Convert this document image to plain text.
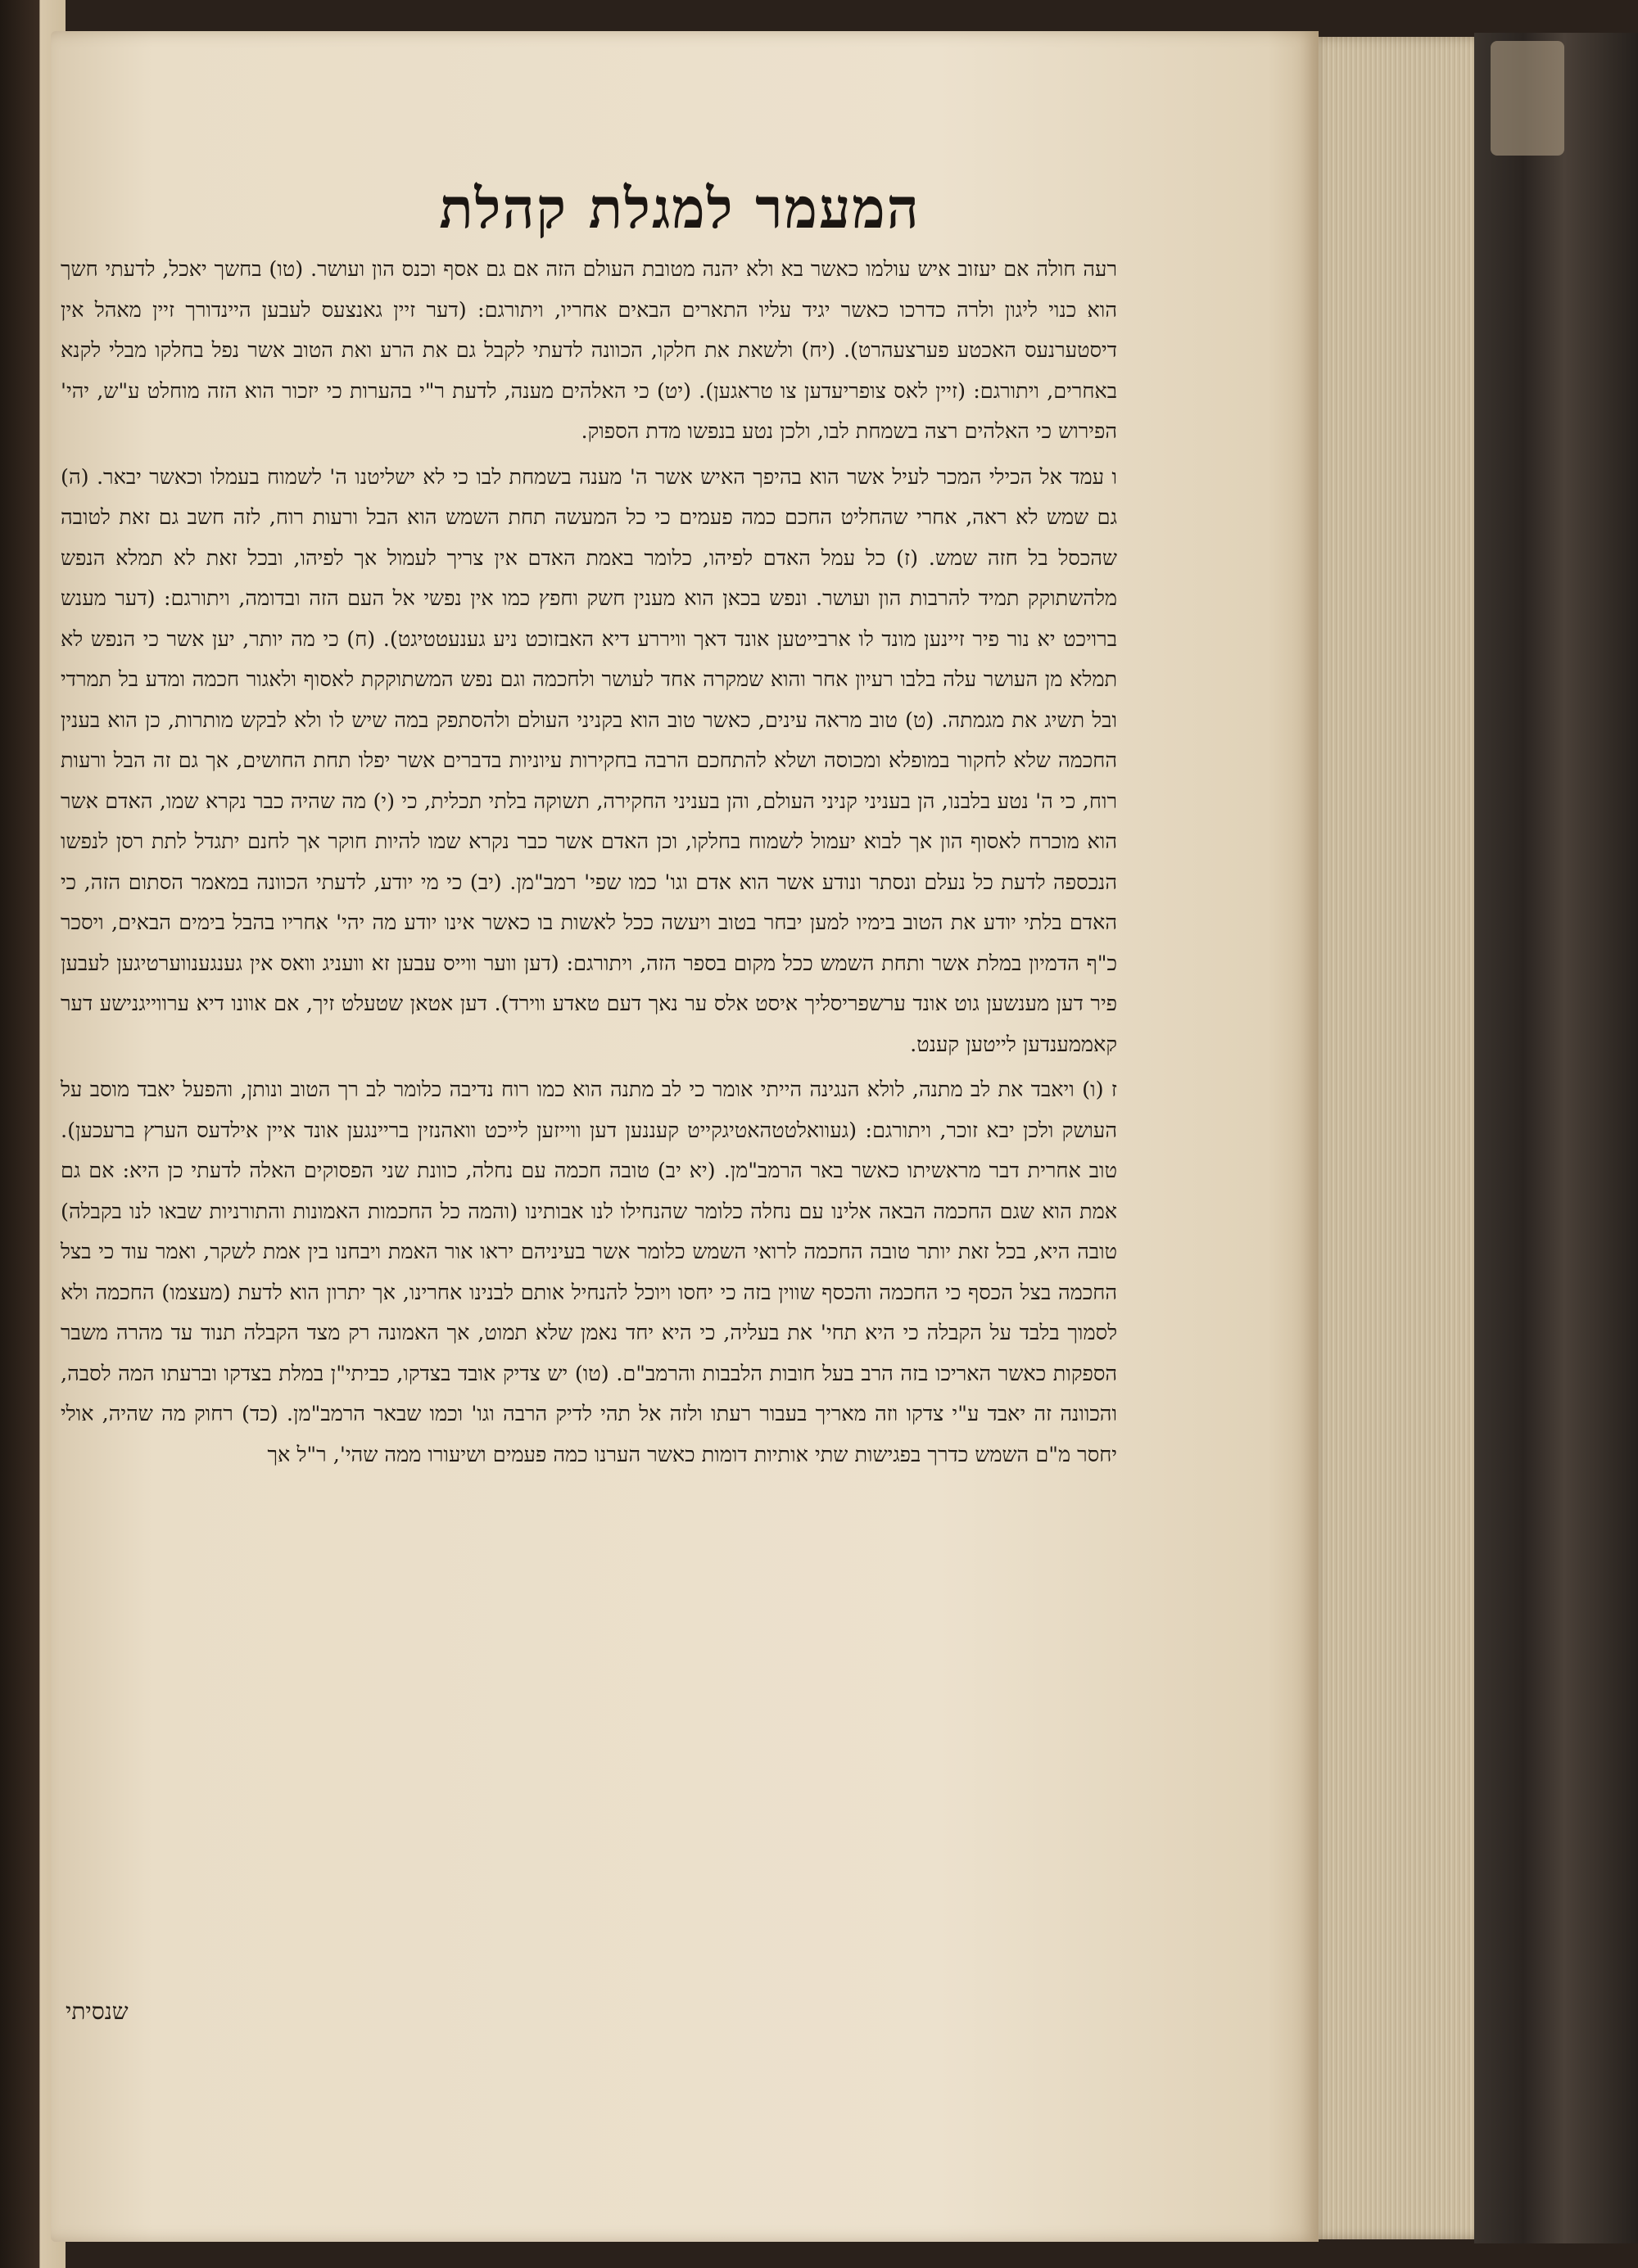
המעמר למגלת קהלת

רעה חולה אם יעזוב איש עולמו כאשר בא ולא יהנה מטובת העולם הזה אם גם אסף וכנס הון ועושר. (טו) בחשך יאכל, לדעתי חשך הוא כנוי ליגון ולרה כדרכו כאשר יגיד עליו התארים הבאים אחריו, ויתורגם: (דער זיין גאנצעס לעבען היינדורך זיין מאהל אין דיסטערנעס האכטע פערצעהרט). (יח) ולשאת את חלקו, הכוונה לדעתי לקבל גם את הרע ואת הטוב אשר נפל בחלקו מבלי לקנא באחרים, ויתורגם: (זיין לאס צופריעדען צו טראגען). (יט) כי האלהים מענה, לדעת ר"י בהערות כי יזכור הוא הזה מוחלט ע"ש, יהי' הפירוש כי האלהים רצה בשמחת לבו, ולכן נטע בנפשו מדת הספוק.

ו עמד אל הכילי המכר לעיל אשר הוא בהיפך האיש אשר ה' מענה בשמחת לבו כי לא ישליטנו ה' לשמוח בעמלו וכאשר יבאר. (ה) גם שמש לא ראה, אחרי שהחליט החכם כמה פעמים כי כל המעשה תחת השמש הוא הבל ורעות רוח, לזה חשב גם זאת לטובה שהכסל בל חזה שמש. (ז) כל עמל האדם לפיהו, כלומר באמת האדם אין צריך לעמול אך לפיהו, ובכל זאת לא תמלא הנפש מלהשתוקק תמיד להרבות הון ועושר. ונפש בכאן הוא מענין חשק וחפץ כמו אין נפשי אל העם הזה ובדומה, ויתורגם: (דער מענש ברויכט יא נור פיר זיינען מונד לו ארבייטען אונד דאך וויררע דיא האבזוכט ניע גענעטטיגט). (ח) כי מה יותר, יען אשר כי הנפש לא תמלא מן העושר עלה בלבו רעיון אחר והוא שמקרה אחד לעושר ולחכמה וגם נפש המשתוקקת לאסוף ולאגור חכמה ומדע בל תמרדי ובל תשיג את מגמתה. (ט) טוב מראה עינים, כאשר טוב הוא בקניני העולם ולהסתפק במה שיש לו ולא לבקש מותרות, כן הוא בענין החכמה שלא לחקור במופלא ומכוסה ושלא להתחכם הרבה בחקירות עיוניות בדברים אשר יפלו תחת החושים, אך גם זה הבל ורעות רוח, כי ה' נטע בלבנו, הן בעניני קניני העולם, והן בעניני החקירה, תשוקה בלתי תכלית, כי (י) מה שהיה כבר נקרא שמו, האדם אשר הוא מוכרח לאסוף הון אך לבוא יעמול לשמוח בחלקו, וכן האדם אשר כבר נקרא שמו להיות חוקר אך לחנם יתגדל לתת רסן לנפשו הנכספה לדעת כל נעלם ונסתר ונודע אשר הוא אדם וגו' כמו שפי' רמב"מן. (יב) כי מי יודע, לדעתי הכוונה במאמר הסתום הזה, כי האדם בלתי יודע את הטוב בימיו למען יבחר בטוב ויעשה ככל לאשות בו כאשר אינו יודע מה יהי' אחריו בהבל בימים הבאים, ויסכר כ"ף הדמיון במלת אשר ותחת השמש ככל מקום בספר הזה, ויתורגם: (דען ווער ווייס עבען זא וועניג וואס אין גענגענווערטיגען לעבען פיר דען מענשען גוט אונד ערשפריסליך איסט אלס ער נאך דעם טאדע ווירד). דען אטאן שטעלט זיך, אם אוונו דיא ערווייגנישע דער קאממענדען לייטען קענט.

ז (ו) ויאבד את לב מתנה, לולא הנגינה הייתי אומר כי לב מתנה הוא כמו רוח נדיבה כלומר לב רך הטוב ונותן, והפעל יאבד מוסב על העושק ולכן יבא זוכר, ויתורגם: (געוואלטטהאטיגקייט קעננען דען ווייזען לייכט וואהנזין בריינגען אונד איין אילדעס הערץ ברעכען). טוב אחרית דבר מראשיתו כאשר באר הרמב"מן. (יא יב) טובה חכמה עם נחלה, כוונת שני הפסוקים האלה לדעתי כן היא: אם גם אמת הוא שגם החכמה הבאה אלינו עם נחלה כלומר שהנחילו לנו אבותינו (והמה כל החכמות האמונות והתורניות שבאו לנו בקבלה) טובה היא, בכל זאת יותר טובה החכמה לרואי השמש כלומר אשר בעיניהם יראו אור האמת ויבחנו בין אמת לשקר, ואמר עוד כי בצל החכמה בצל הכסף כי החכמה והכסף שווין בזה כי יחסו ויוכל להנחיל אותם לבנינו אחרינו, אך יתרון הוא לדעת (מעצמו) החכמה ולא לסמוך בלבד על הקבלה כי היא תחי' את בעליה, כי היא יחד נאמן שלא תמוט, אך האמונה רק מצד הקבלה תנוד עד מהרה משבר הספקות כאשר האריכו בזה הרב בעל חובות הלבבות והרמב"ם. (טו) יש צדיק אובד בצדקו, כביתי"ן במלת בצדקו וברעתו המה לסבה, והכוונה זה יאבד ע"י צדקו וזה מאריך בעבור רעתו ולזה אל תהי לדיק הרבה וגו' וכמו שבאר הרמב"מן. (כד) רחוק מה שהיה, אולי יחסר מ"ם השמש כדרך בפגישות שתי אותיות דומות כאשר הערנו כמה פעמים ושיעורו ממה שהי', ר"ל אך

שנסיתי
